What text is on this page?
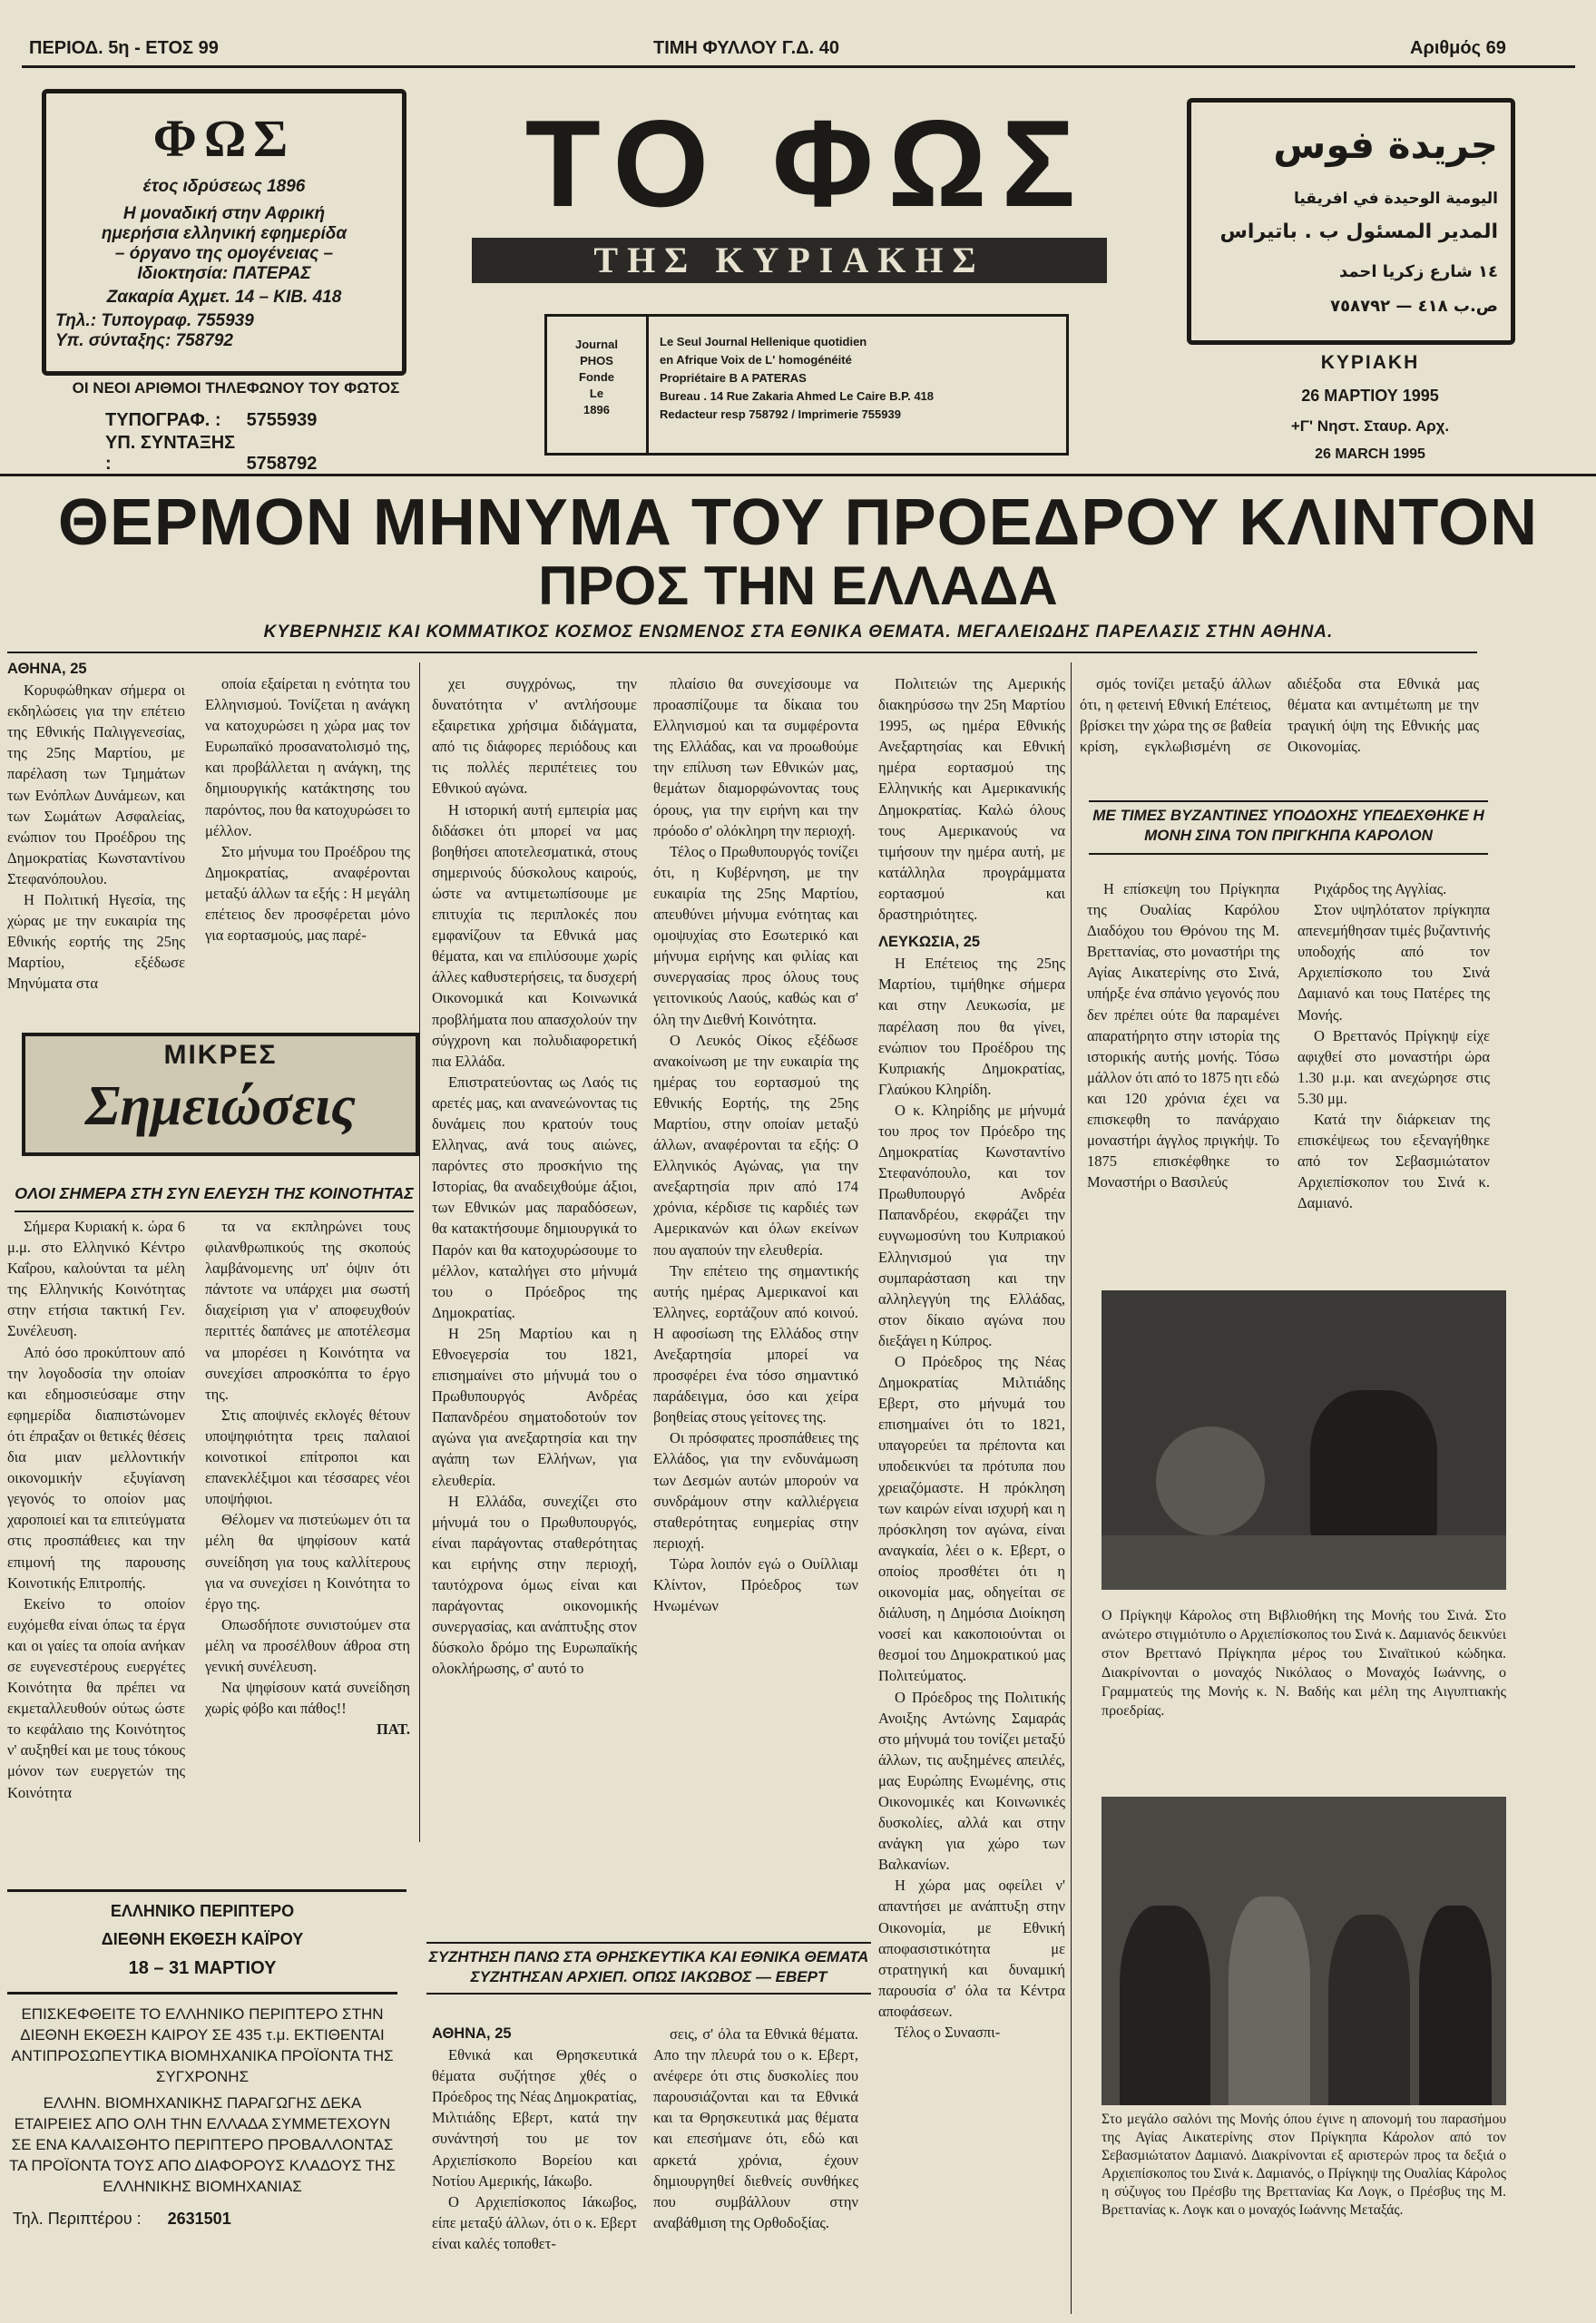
ΠΕΡΙΟΔ. 5η - ΕΤΟΣ 99	ΤΙΜΗ ΦΥΛΛΟΥ Γ.Δ. 40	Αριθμός 69
ΦΩΣ
έτος ιδρύσεως 1896
Η μοναδική στην Αφρική
ημερήσια ελληνική εφημερίδα
– όργανο της ομογένειας –
Ιδιοκτησία: ΠΑΤΕΡΑΣ
Ζακαρία Αχμετ. 14 – ΚΙΒ. 418
Τηλ.: Τυπογραφ. 755939
Υπ. σύνταξης: 758792
ΟΙ ΝΕΟΙ ΑΡΙΘΜΟΙ ΤΗΛΕΦΩΝΟΥ ΤΟΥ ΦΩΤΟΣ
ΤΥΠΟΓΡΑΦ. : 5755939
ΥΠ. ΣΥΝΤΑΞΗΣ :	5758792
ΤΟ ΦΩΣ
ΤΗΣ ΚΥΡΙΑΚΗΣ
Journal
PHOS
Fonde
Le
1896
Le Seul Journal Hellenique quotidien
en Afrique Voix de L' homogénéité
Propriétaire B A PATERAS
Bureau . 14 Rue Zakaria Ahmed Le Caire B.P. 418
Redacteur resp 758792 / Imprimerie 755939
جريدة فوس
اليومية الوحيدة في افريقيا
المدير المسئول ب . باتيراس
١٤ شارع زكريا احمد
ص.ب ٤١٨ — ٧٥٨٧٩٢
ΚΥΡΙΑΚΗ
26 ΜΑΡΤΙΟΥ 1995
+Γ' Νηστ. Σταυρ. Αρχ.
26 MARCH 1995
ΘΕΡΜΟΝ ΜΗΝΥΜΑ ΤΟΥ ΠΡΟΕΔΡΟΥ ΚΛΙΝΤΟΝ
ΠΡΟΣ ΤΗΝ ΕΛΛΑΔΑ
ΚΥΒΕΡΝΗΣΙΣ ΚΑΙ ΚΟΜΜΑΤΙΚΟΣ ΚΟΣΜΟΣ ΕΝΩΜΕΝΟΣ ΣΤΑ ΕΘΝΙΚΑ ΘΕΜΑΤΑ. ΜΕΓΑΛΕΙΩΔΗΣ ΠΑΡΕΛΑΣΙΣ ΣΤΗΝ ΑΘΗΝΑ.

ΑΘΗΝΑ, 25

Κορυφώθηκαν σήμερα οι εκδηλώσεις για την επέτειο της Εθνικής Παλιγγενεσίας, της 25ης Μαρτίου, με παρέλαση των Τμημάτων των Ενόπλων Δυνάμεων, και των Σωμάτων Ασφαλείας, ενώπιον του Προέδρου της Δημοκρατίας Κωνσταντίνου Στεφανόπουλου.

Η Πολιτική Ηγεσία, της χώρας με την ευκαιρία της Εθνικής εορτής της 25ης Μαρτίου, εξέδωσε Μηνύματα στα

οποία εξαίρεται η ενότητα του Ελληνισμού. Τονίζεται η ανάγκη να κατοχυρώσει η χώρα μας τον Ευρωπαϊκό προσανατολισμό της, και προβάλλεται η ανάγκη, της δημιουργικής κατάκτησης του παρόντος, που θα κατοχυρώσει το μέλλον.

Στο μήνυμα του Προέδρου της Δημοκρατίας, αναφέρονται μεταξύ άλλων τα εξής : Η μεγάλη επέτειος δεν προσφέρεται μόνο για εορτασμούς, μας παρέ-

χει συγχρόνως, την δυνατότητα ν' αντλήσουμε εξαιρετικα χρήσιμα διδάγματα, από τις διάφορες περιόδους και τις πολλές περιπέτειες του Εθνικού αγώνα.

Η ιστορική αυτή εμπειρία μας διδάσκει ότι μπορεί να μας βοηθήσει αποτελεσματικά, στους σημερινούς δύσκολους καιρούς, ώστε να αντιμετωπίσουμε με επιτυχία τις περιπλοκές που εμφανίζουν τα Εθνικά μας θέματα, και να επιλύσουμε χωρίς άλλες καθυστερήσεις, τα δυσχερή Οικονομικά και Κοινωνικά προβλήματα που απασχολούν την σύγχρονη και πολυδιαφορετική πια Ελλάδα.

Επιστρατεύοντας ως Λαός τις αρετές μας, και ανανεώνοντας τις δυνάμεις που κρατούν τους Ελληνας, ανά τους αιώνες, παρόντες στο προσκήνιο της Ιστορίας, θα αναδειχθούμε άξιοι, των Εθνικών μας παραδόσεων, θα κατακτήσουμε δημιουργικά το Παρόν και θα κατοχυρώσουμε το μέλλον, καταλήγει στο μήνυμά του ο Πρόεδρος της Δημοκρατίας.

Η 25η Μαρτίου και η Εθνοεγερσία του 1821, επισημαίνει στο μήνυμά του ο Πρωθυπουργός Ανδρέας Παπανδρέου σηματοδοτούν τον αγώνα για ανεξαρτησία και την αγάπη των Ελλήνων, για ελευθερία.

Η Ελλάδα, συνεχίζει στο μήνυμά του ο Πρωθυπουργός, είναι παράγοντας σταθερότητας και ειρήνης στην περιοχή, ταυτόχρονα όμως είναι και παράγοντας οικονομικής συνεργασίας, και ανάπτυξης στον δύσκολο δρόμο της Ευρωπαϊκής ολοκλήρωσης, σ' αυτό το

πλαίσιο θα συνεχίσουμε να προασπίζουμε τα δίκαια του Ελληνισμού και τα συμφέροντα της Ελλάδας, και να προωθούμε την επίλυση των Εθνικών μας, θεμάτων διαμορφώνοντας τους όρους, για την ειρήνη και την πρόοδο σ' ολόκληρη την περιοχή.

Τέλος ο Πρωθυπουργός τονίζει ότι, η Κυβέρνηση, με την ευκαιρία της 25ης Μαρτίου, απευθύνει μήνυμα ενότητας και ομοψυχίας στο Εσωτερικό και μήνυμα ειρήνης και φιλίας και συνεργασίας προς όλους τους γειτονικούς Λαούς, καθώς και σ' όλη την Διεθνή Κοινότητα.

Ο Λευκός Οίκος εξέδωσε ανακοίνωση με την ευκαιρία της ημέρας του εορτασμού της Εθνικής Εορτής, της 25ης Μαρτίου, στην οποίαν μεταξύ άλλων, αναφέρονται τα εξής: Ο Ελληνικός Αγώνας, για την ανεξαρτησία πριν από 174 χρόνια, κέρδισε τις καρδιές των Αμερικανών και όλων εκείνων που αγαπούν την ελευθερία.

Την επέτειο της σημαντικής αυτής ημέρας Αμερικανοί και Έλληνες, εορτάζουν από κοινού. Η αφοσίωση της Ελλάδος στην Ανεξαρτησία μπορεί να προσφέρει ένα τόσο σημαντικό παράδειγμα, όσο και χείρα βοηθείας στους γείτονες της.

Οι πρόσφατες προσπάθειες της Ελλάδος, για την ενδυνάμωση των Δεσμών αυτών μπορούν να συνδράμουν στην καλλιέργεια σταθερότητας ευημερίας στην περιοχή.

Τώρα λοιπόν εγώ ο Ουίλλιαμ Κλίντον, Πρόεδρος των Ηνωμένων

Πολιτειών της Αμερικής διακηρύσσω την 25η Μαρτίου 1995, ως ημέρα Εθνικής Ανεξαρτησίας και Εθνική ημέρα εορτασμού της Ελληνικής και Αμερικανικής Δημοκρατίας. Καλώ όλους τους Αμερικανούς να τιμήσουν την ημέρα αυτή, με κατάλληλα προγράμματα εορτασμού και δραστηριότητες.

ΛΕΥΚΩΣΙΑ, 25

Η Επέτειος της 25ης Μαρτίου, τιμήθηκε σήμερα και στην Λευκωσία, με παρέλαση που θα γίνει, ενώπιον του Προέδρου της Κυπριακής Δημοκρατίας, Γλαύκου Κληρίδη.

Ο κ. Κληρίδης με μήνυμά του προς τον Πρόεδρο της Δημοκρατίας Κωνσταντίνο Στεφανόπουλο, και τον Πρωθυπουργό Ανδρέα Παπανδρέου, εκφράζει την ευγνωμοσύνη του Κυπριακού Ελληνισμού για την συμπαράσταση και την αλληλεγγύη της Ελλάδας, στον δίκαιο αγώνα που διεξάγει η Κύπρος.

Ο Πρόεδρος της Νέας Δημοκρατίας Μιλτιάδης Εβερτ, στο μήνυμά του επισημαίνει ότι το 1821, υπαγορεύει τα πρέποντα και υποδεικνύει τα πρότυπα που χρειαζόμαστε. Η πρόκληση των καιρών είναι ισχυρή και η πρόσκληση τον αγώνα, είναι αναγκαία, λέει ο κ. Εβερτ, ο οποίος προσθέτει ότι η οικονομία μας, οδηγείται σε διάλυση, η Δημόσια Διοίκηση νοσεί και κακοποιούνται οι θεσμοί του Δημοκρατικού μας Πολιτεύματος.

Ο Πρόεδρος της Πολιτικής Ανοιξης Αντώνης Σαμαράς στο μήνυμά του τονίζει μεταξύ άλλων, τις αυξημένες απειλές, μας Ευρώπης Ενωμένης, στις Οικονομικές και Κοινωνικές δυσκολίες, αλλά και στην ανάγκη για χώρο των Βαλκανίων.

Η χώρα μας οφείλει ν' απαντήσει με ανάπτυξη στην Οικονομία, με Εθνική αποφασιστικότητα με στρατηγική και δυναμική παρουσία σ' όλα τα Κέντρα αποφάσεων.

Τέλος ο Συνασπι-

σμός τονίζει μεταξύ άλλων ότι, η φετεινή Εθνική Επέτειος, βρίσκει την χώρα της σε βαθεία κρίση, εγκλωβισμένη σε αδιέξοδα στα Εθνικά μας θέματα και αντιμέτωπη με την τραγική όψη της Εθνικής μας Οικονομίας.

ΜΙΚΡΕΣ
Σημειώσεις
ΟΛΟΙ ΣΗΜΕΡΑ ΣΤΗ ΣΥΝ ΕΛΕΥΣΗ ΤΗΣ ΚΟΙΝΟΤΗΤΑΣ

Σήμερα Κυριακή κ. ώρα 6 μ.μ. στο Ελληνικό Κέντρο Καΐρου, καλούνται τα μέλη της Ελληνικής Κοινότητας στην ετήσια τακτική Γεν. Συνέλευση.

Από όσο προκύπτουν από την λογοδοσία την οποίαν και εδημοσιεύσαμε στην εφημερίδα διαπιστώνομεν ότι έπραξαν οι θετικές θέσεις δια μιαν μελλοντικήν οικονομικήν εξυγίανση γεγονός το οποίον μας χαροποιεί και τα επιτεύγματα στις προσπάθειες και την επιμονή της παρουσης Κοινοτικής Επιτροπής.

Εκείνο το οποίον ευχόμεθα είναι όπως τα έργα και οι γαίες τα οποία ανήκαν σε ευγενεστέρους ευεργέτες Κοινότητα θα πρέπει να εκμεταλλευθούν ούτως ώστε το κεφάλαιο της Κοινότητος ν' αυξηθεί και με τους τόκους μόνον των ευεργετών της Κοινότητα

τα να εκπληρώνει τους φιλανθρωπικούς της σκοπούς λαμβάνομενης υπ' όψιν ότι πάντοτε να υπάρχει μια σωστή διαχείριση για ν' αποφευχθούν περιττές δαπάνες με αποτέλεσμα να μπορέσει η Κοινότητα να συνεχίσει απροσκόπτα το έργο της.

Στις αποψινές εκλογές θέτουν υποψηφιότητα τρεις παλαιοί κοινοτικοί επίτροποι και επανεκλέξιμοι και τέσσαρες νέοι υποψήφιοι.

Θέλομεν να πιστεύωμεν ότι τα μέλη θα ψηφίσουν κατά συνείδηση για τους καλλίτερους για να συνεχίσει η Κοινότητα το έργο της.

Οπωσδήποτε συνιστούμεν στα μέλη να προσέλθουν άθροα στη γενική συνέλευση.

Να ψηφίσουν κατά συνείδηση χωρίς φόβο και πάθος!!

ΠΑΤ.

ΕΛΛΗΝΙΚΟ ΠΕΡΙΠΤΕΡΟ
ΔΙΕΘΝΗ ΕΚΘΕΣΗ ΚΑΪΡΟΥ
18 – 31 ΜΑΡΤΙΟΥ
ΕΠΙΣΚΕΦΘΕΙΤΕ ΤΟ ΕΛΛΗΝΙΚΟ ΠΕΡΙΠΤΕΡΟ ΣΤΗΝ ΔΙΕΘΝΗ ΕΚΘΕΣΗ ΚΑΙΡΟΥ ΣΕ 435 τ.μ. ΕΚΤΙΘΕΝΤΑΙ ΑΝΤΙΠΡΟΣΩΠΕΥΤΙΚΑ ΒΙΟΜΗΧΑΝΙΚΑ ΠΡΟΪΟΝΤΑ ΤΗΣ ΣΥΓΧΡΟΝΗΣ
ΕΛΛΗΝ. ΒΙΟΜΗΧΑΝΙΚΗΣ ΠΑΡΑΓΩΓΗΣ ΔΕΚΑ ΕΤΑΙΡΕΙΕΣ ΑΠΟ ΟΛΗ ΤΗΝ ΕΛΛΑΔΑ ΣΥΜΜΕΤΕΧΟΥΝ ΣΕ ΕΝΑ ΚΑΛΑΙΣΘΗΤΟ ΠΕΡΙΠΤΕΡΟ ΠΡΟΒΑΛΛΟΝΤΑΣ ΤΑ ΠΡΟΪΟΝΤΑ ΤΟΥΣ ΑΠΟ ΔΙΑΦΟΡΟΥΣ ΚΛΑΔΟΥΣ ΤΗΣ ΕΛΛΗΝΙΚΗΣ ΒΙΟΜΗΧΑΝΙΑΣ
Τηλ. Περιπτέρου : 2631501
ΜΕ ΤΙΜΕΣ ΒΥΖΑΝΤΙΝΕΣ ΥΠΟΔΟΧΗΣ ΥΠΕΔΕΧΘΗΚΕ Η ΜΟΝΗ ΣΙΝΑ ΤΟΝ ΠΡΙΓΚΗΠΑ ΚΑΡΟΛΟΝ

Η επίσκεψη του Πρίγκηπα της Ουαλίας Καρόλου Διαδόχου του Θρόνου της Μ. Βρεττανίας, στο μοναστήρι της Αγίας Αικατερίνης στο Σινά, υπήρξε ένα σπάνιο γεγονός που δεν πρέπει ούτε θα παραμένει απαρατήρητο στην ιστορία της ιστορικής αυτής μονής. Τόσω μάλλον ότι από το 1875 ητι εδώ και 120 χρόνια έχει να επισκεφθη το πανάρχαιο μοναστήρι άγγλος πριγκήψ. Το 1875 επισκέφθηκε το Μοναστήρι ο Βασιλεύς

Ριχάρδος της Αγγλίας.

Στον υψηλότατον πρίγκηπα απενεμήθησαν τιμές βυζαντινής υποδοχής από τον Αρχιεπίσκοπο του Σινά Δαμιανό και τους Πατέρες της Μονής.

Ο Βρεττανός Πρίγκηψ είχε αφιχθεί στο μοναστήρι ώρα 1.30 μ.μ. και ανεχώρησε στις 5.30 μμ.

Κατά την διάρκειαν της επισκέψεως του εξεναγήθηκε από τον Σεβασμιώτατον Αρχιεπίσκοπον του Σινά κ. Δαμιανό.

Ο Πρίγκηψ Κάρολος στη Βιβλιοθήκη της Μονής του Σινά. Στο ανώτερο στιγμιότυπο ο Αρχιεπίσκοπος του Σινά κ. Δαμιανός δεικνύει στον Βρεττανό Πρίγκηπα μέρος του Σιναϊτικού κώδηκα. Διακρίνονται ο μοναχός Νικόλαος ο Μοναχός Ιωάννης, ο Γραμματεύς της Μονής κ. Ν. Βαδής και μέλη της Αιγυπτιακής προεδρίας.
Στο μεγάλο σαλόνι της Μονής όπου έγινε η απονομή του παρασήμου της Αγίας Αικατερίνης στον Πρίγκηπα Κάρολον από τον Σεβασμιώτατον Δαμιανό. Διακρίνονται εξ αριστερών προς τα δεξιά ο Αρχιεπίσκοπος του Σινά κ. Δαμιανός, ο Πρίγκηψ της Ουαλίας Κάρολος η σύζυγος του Πρέσβυ της Βρεττανίας Κα Λογκ, ο Πρέσβυς της Μ. Βρεττανίας κ. Λογκ και ο μοναχός Ιωάννης Μεταξάς.
ΣΥΖΗΤΗΣΗ ΠΑΝΩ ΣΤΑ ΘΡΗΣΚΕΥΤΙΚΑ ΚΑΙ ΕΘΝΙΚΑ ΘΕΜΑΤΑ ΣΥΖΗΤΗΣΑΝ ΑΡΧΙΕΠ. ΟΠΩΣ ΙΑΚΩΒΟΣ — ΕΒΕΡΤ

ΑΘΗΝΑ, 25

Εθνικά και Θρησκευτικά θέματα συζήτησε χθές ο Πρόεδρος της Νέας Δημοκρατίας, Μιλτιάδης Εβερτ, κατά την συνάντησή του με τον Αρχιεπίσκοπο Βορείου και Νοτίου Αμερικής, Ιάκωβο.

Ο Αρχιεπίσκοπος Ιάκωβος, είπε μεταξύ άλλων, ότι ο κ. Εβερτ είναι καλές τοποθετ-

σεις, σ' όλα τα Εθνικά θέματα. Απο την πλευρά του ο κ. Εβερτ, ανέφερε ότι στις δυσκολίες που παρουσιάζονται και τα Εθνικά και τα Θρησκευτικά μας θέματα και επεσήμανε ότι, εδώ και αρκετά χρόνια, έχουν δημιουργηθεί διεθνείς συνθήκες που συμβάλλουν στην αναβάθμιση της Ορθοδοξίας.
